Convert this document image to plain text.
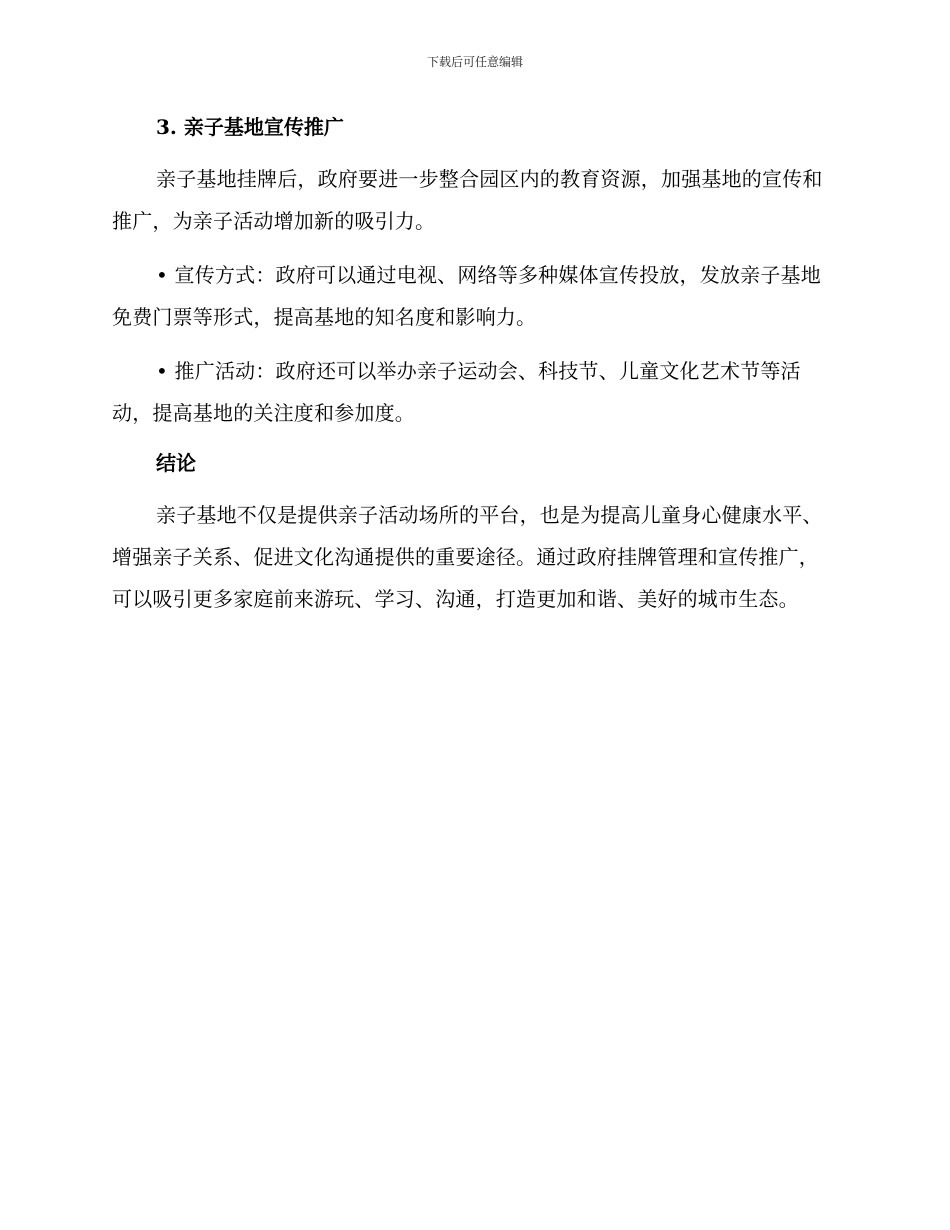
下载后可任意编辑
3. 亲子基地宣传推广

亲子基地挂牌后，政府要进一步整合园区内的教育资源，加强基地的宣传和推广，为亲子活动增加新的吸引力。

• 宣传方式：政府可以通过电视、网络等多种媒体宣传投放，发放亲子基地免费门票等形式，提高基地的知名度和影响力。

• 推广活动：政府还可以举办亲子运动会、科技节、儿童文化艺术节等活动，提高基地的关注度和参加度。

结论

亲子基地不仅是提供亲子活动场所的平台，也是为提高儿童身心健康水平、增强亲子关系、促进文化沟通提供的重要途径。通过政府挂牌管理和宣传推广，可以吸引更多家庭前来游玩、学习、沟通，打造更加和谐、美好的城市生态。
